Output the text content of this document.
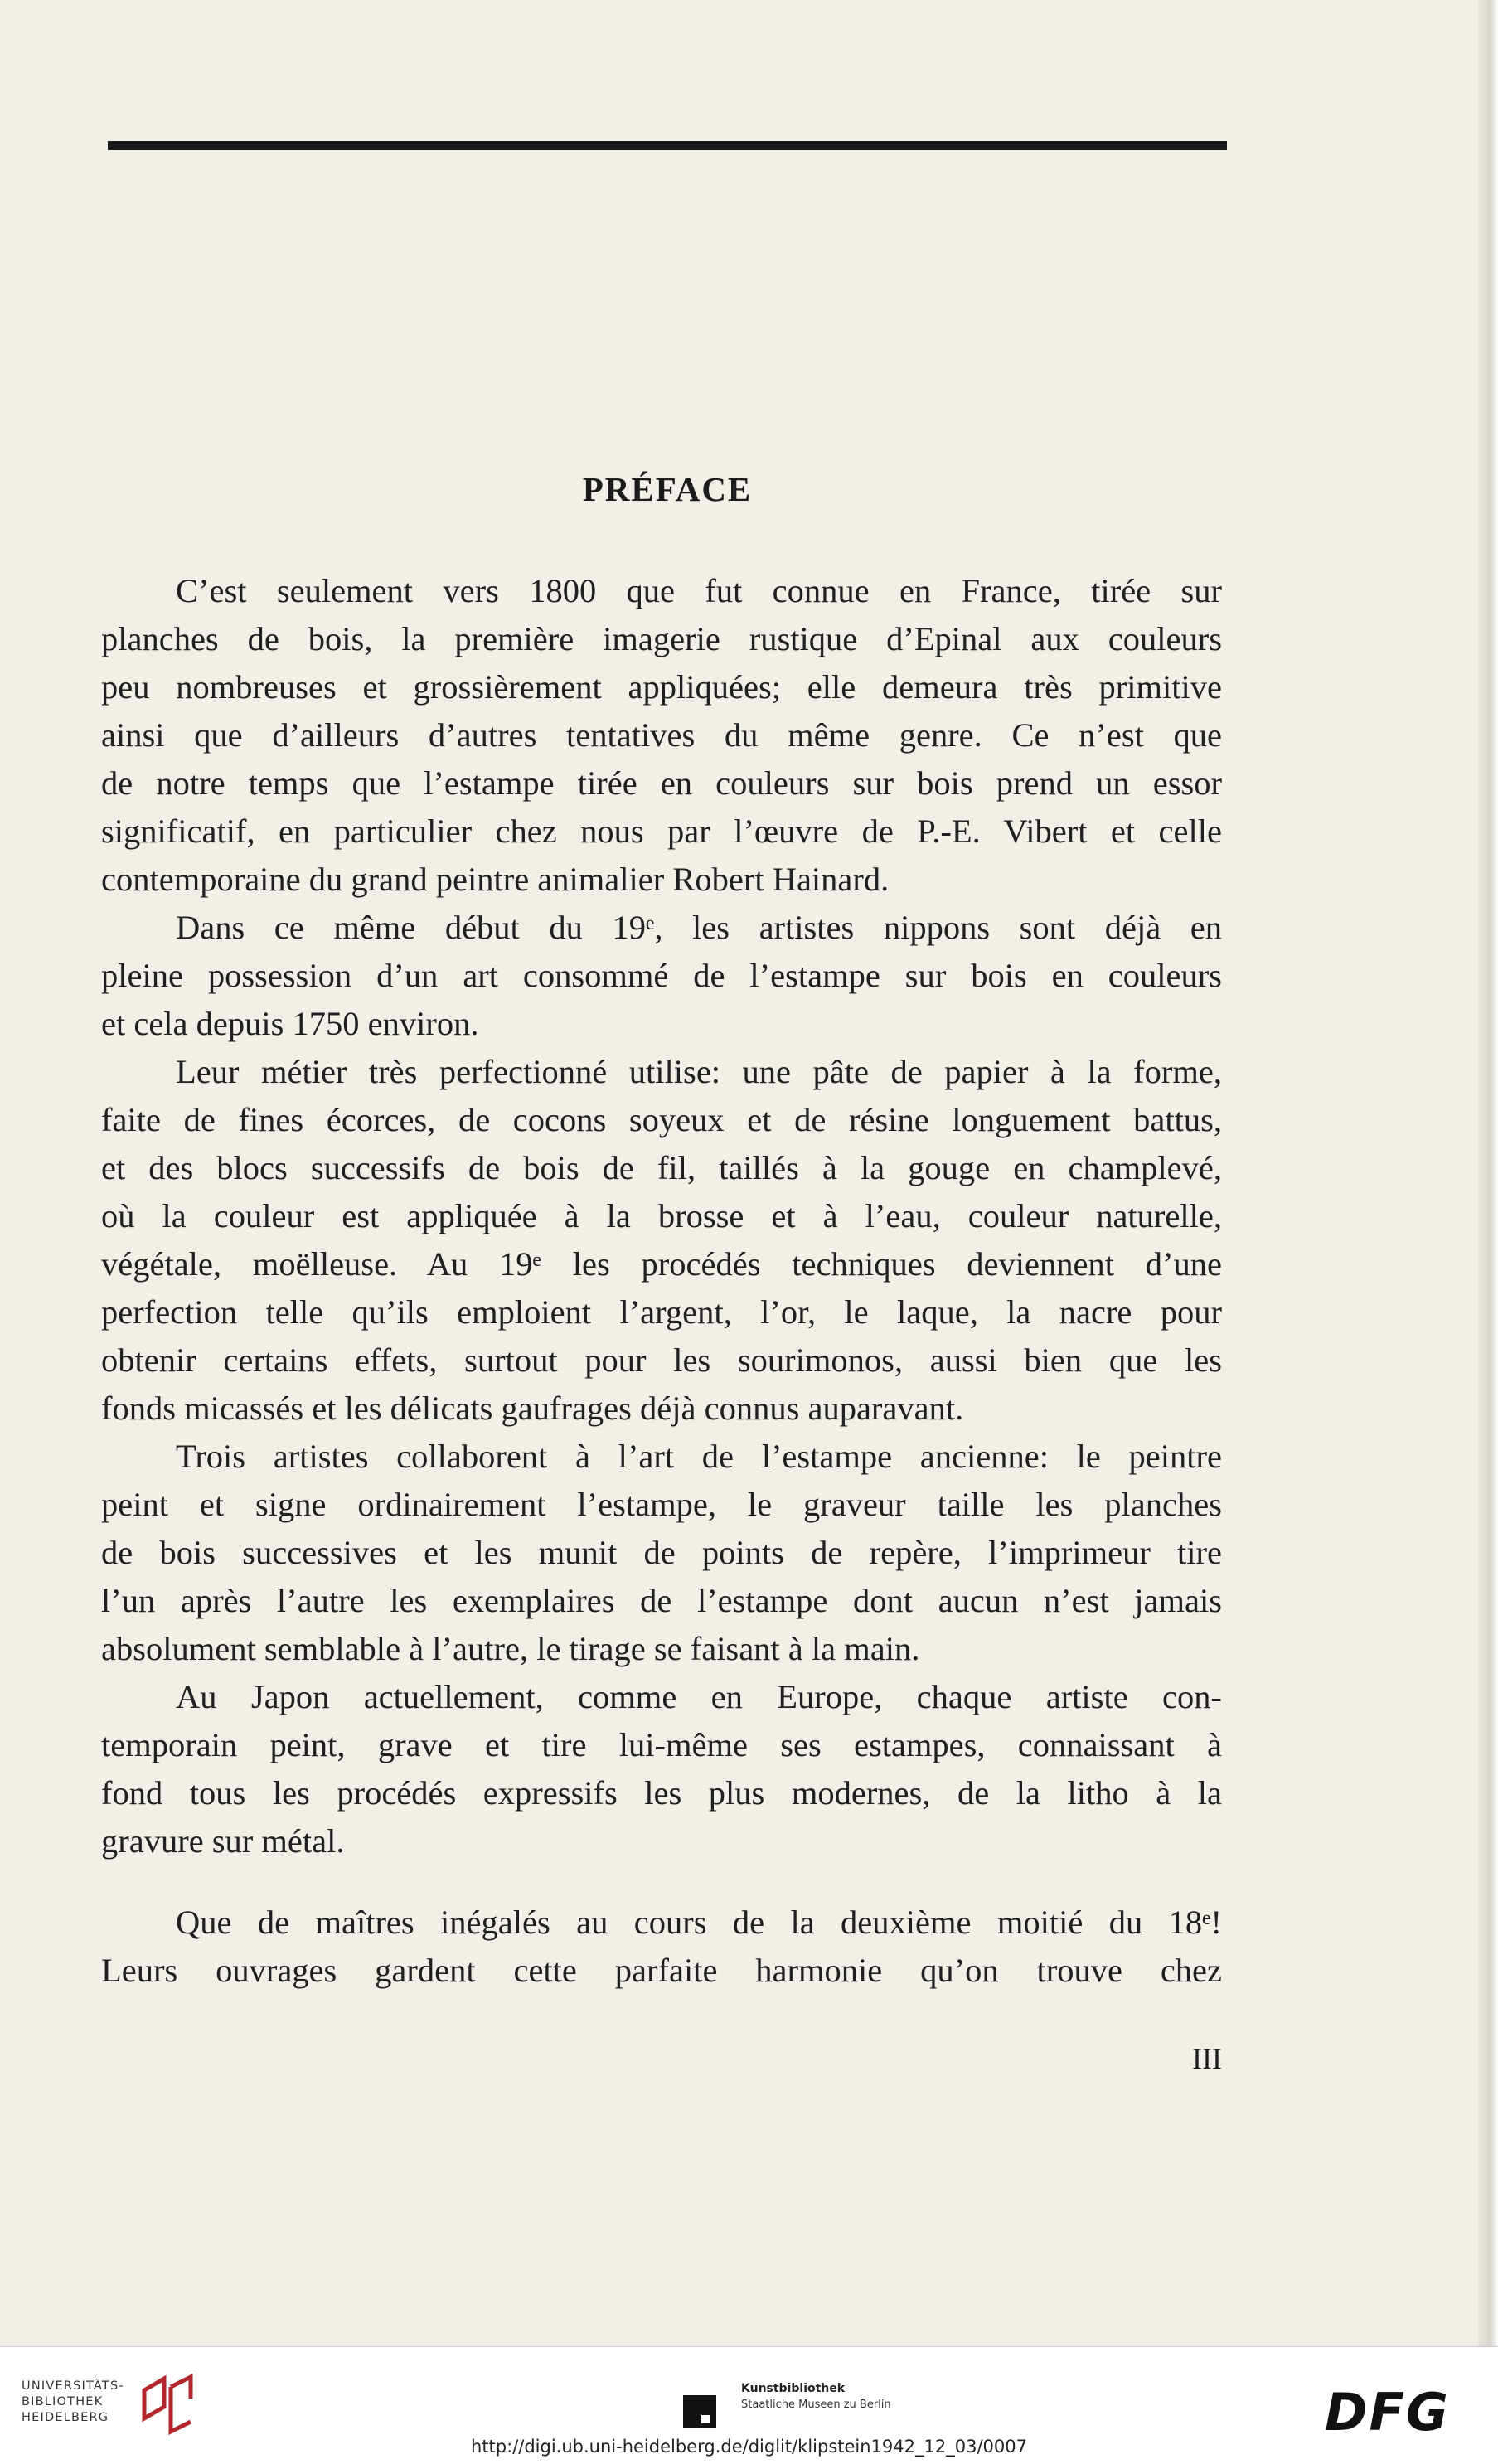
PRÉFACE
C’est seulement vers 1800 que fut connue en France, tirée sur
planches de bois, la première imagerie rustique d’Epinal aux couleurs
peu nombreuses et grossièrement appliquées; elle demeura très primitive
ainsi que d’ailleurs d’autres tentatives du même genre. Ce n’est que
de notre temps que l’estampe tirée en couleurs sur bois prend un essor
significatif, en particulier chez nous par l’œuvre de P.-E. Vibert et celle
contemporaine du grand peintre animalier Robert Hainard.
Dans ce même début du 19ᵉ, les artistes nippons sont déjà en
pleine possession d’un art consommé de l’estampe sur bois en couleurs
et cela depuis 1750 environ.
Leur métier très perfectionné utilise: une pâte de papier à la forme,
faite de fines écorces, de cocons soyeux et de résine longuement battus,
et des blocs successifs de bois de fil, taillés à la gouge en champlevé,
où la couleur est appliquée à la brosse et à l’eau, couleur naturelle,
végétale, moëlleuse. Au 19ᵉ les procédés techniques deviennent d’une
perfection telle qu’ils emploient l’argent, l’or, le laque, la nacre pour
obtenir certains effets, surtout pour les sourimonos, aussi bien que les
fonds micassés et les délicats gaufrages déjà connus auparavant.
Trois artistes collaborent à l’art de l’estampe ancienne: le peintre
peint et signe ordinairement l’estampe, le graveur taille les planches
de bois successives et les munit de points de repère, l’imprimeur tire
l’un après l’autre les exemplaires de l’estampe dont aucun n’est jamais
absolument semblable à l’autre, le tirage se faisant à la main.
Au Japon actuellement, comme en Europe, chaque artiste con-
temporain peint, grave et tire lui-même ses estampes, connaissant à
fond tous les procédés expressifs les plus modernes, de la litho à la
gravure sur métal.
Que de maîtres inégalés au cours de la deuxième moitié du 18ᵉ!
Leurs ouvrages gardent cette parfaite harmonie qu’on trouve chez
III
UNIVERSITÄTS-
BIBLIOTHEK
HEIDELBERG
Kunstbibliothek
Staatliche Museen zu Berlin	DFG
http://digi.ub.uni-heidelberg.de/diglit/klipstein1942_12_03/0007
